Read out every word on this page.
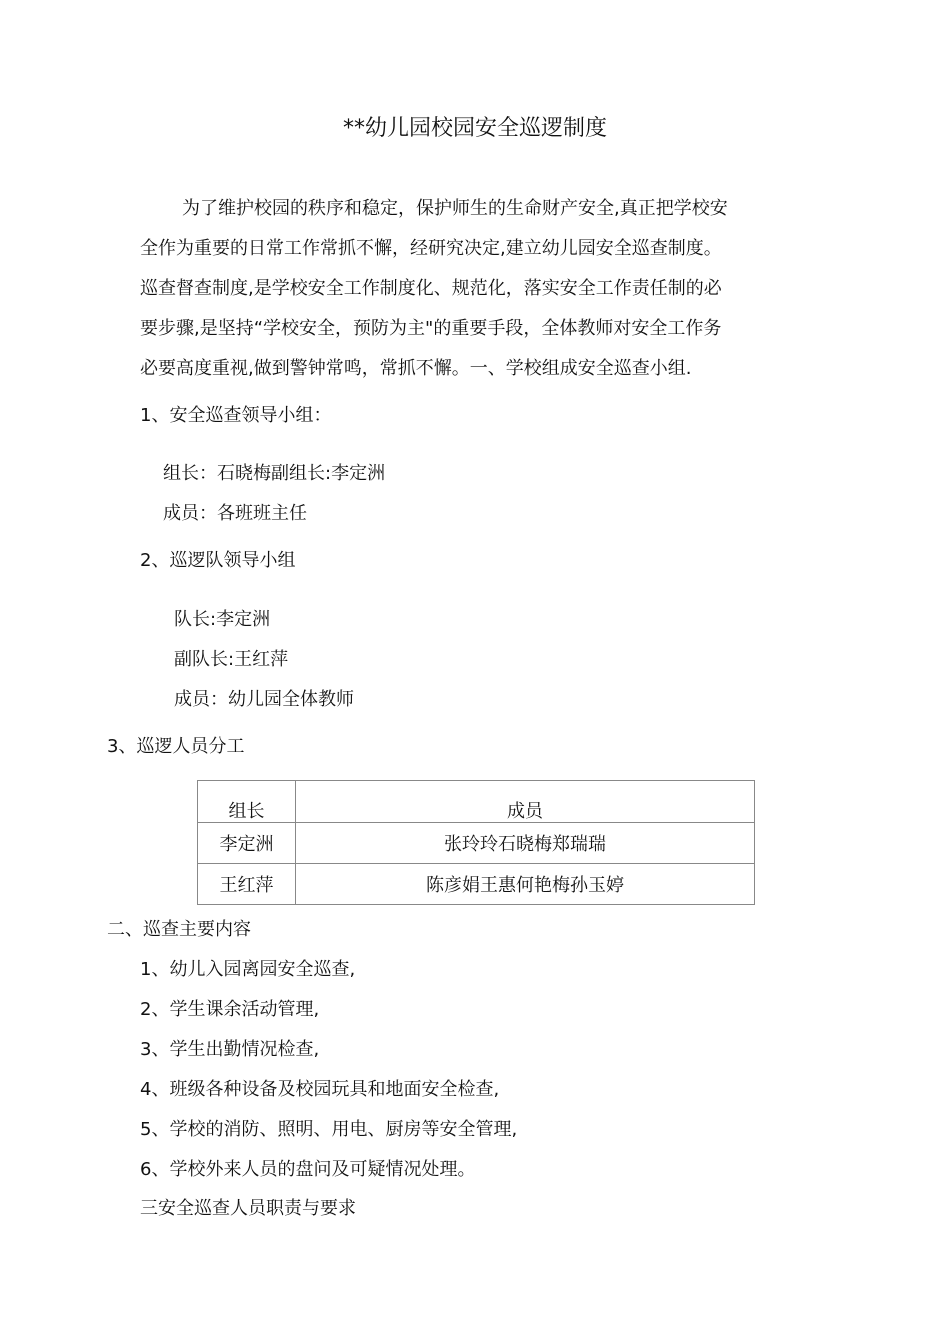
**幼儿园校园安全巡逻制度
为了维护校园的秩序和稳定，保护师生的生命财产安全,真正把学校安
全作为重要的日常工作常抓不懈，经研究决定,建立幼儿园安全巡查制度。
巡查督查制度,是学校安全工作制度化、规范化，落实安全工作责任制的必
要步骤,是坚持“学校安全，预防为主"的重要手段，全体教师对安全工作务
必要高度重视,做到警钟常鸣，常抓不懈。一、学校组成安全巡查小组.
1、安全巡查领导小组：
组长：石晓梅副组长:李定洲
成员：各班班主任
2、巡逻队领导小组
队长:李定洲
副队长:王红萍
成员：幼儿园全体教师
3、巡逻人员分工
组长	成员
李定洲	张玲玲石晓梅郑瑞瑞
王红萍	陈彦娟王惠何艳梅孙玉婷
二、巡查主要内容
1、幼儿入园离园安全巡查,
2、学生课余活动管理,
3、学生出勤情况检查,
4、班级各种设备及校园玩具和地面安全检查,
5、学校的消防、照明、用电、厨房等安全管理,
6、学校外来人员的盘问及可疑情况处理。
三安全巡查人员职责与要求
